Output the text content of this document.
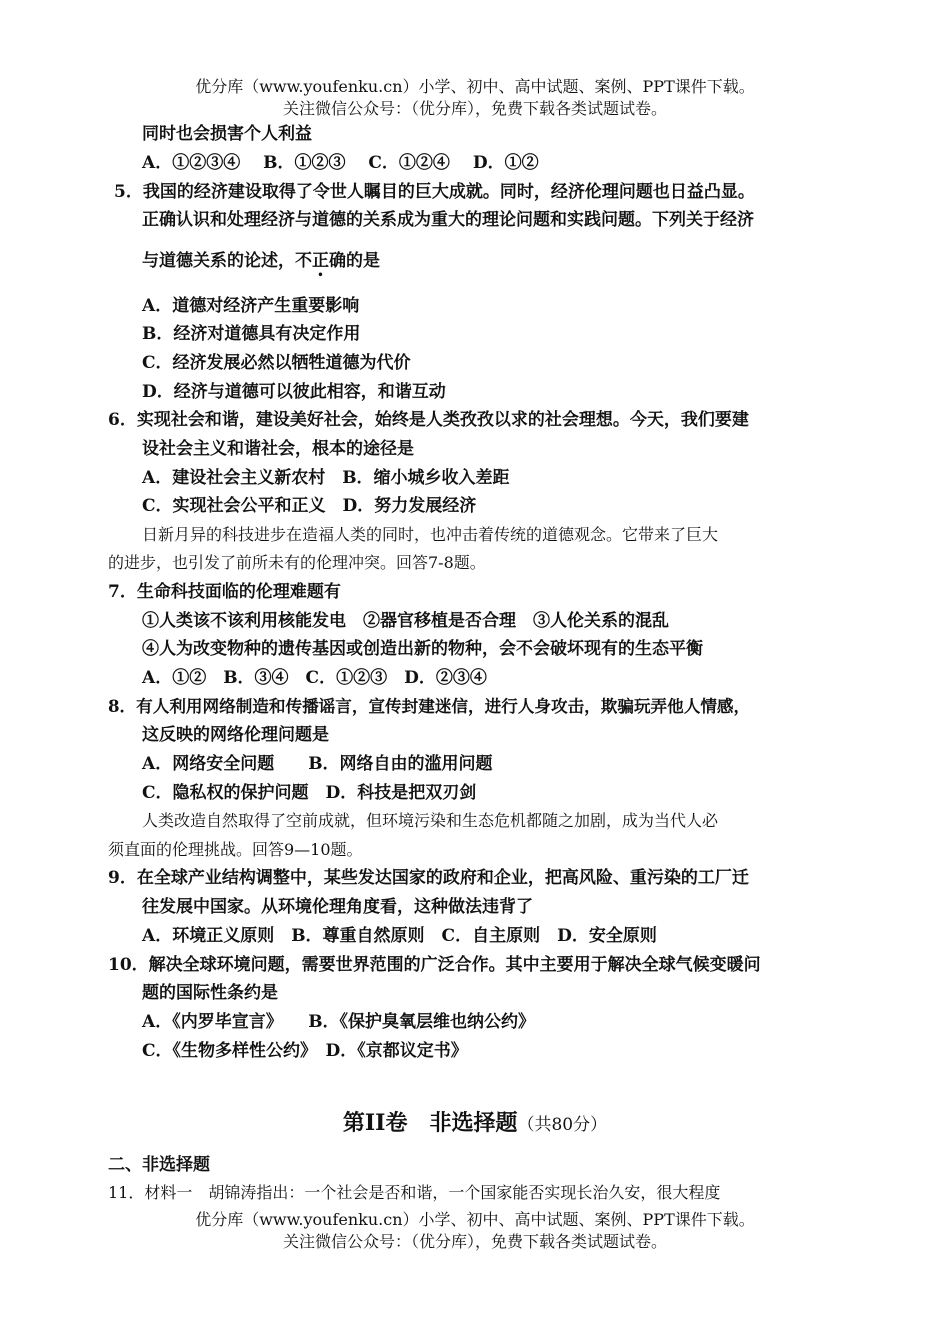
优分库（www.youfenku.cn）小学、初中、高中试题、案例、PPT课件下载。
关注微信公众号：（优分库），免费下载各类试题试卷。
同时也会损害个人利益
A．①②③④　 B．①②③　 C．①②④　 D．①②
5．我国的经济建设取得了令世人瞩目的巨大成就。同时，经济伦理问题也日益凸显。
正确认识和处理经济与道德的关系成为重大的理论问题和实践问题。下列关于经济
与道德关系的论述，不正确的是
A．道德对经济产生重要影响
B．经济对道德具有决定作用
C．经济发展必然以牺牲道德为代价
D．经济与道德可以彼此相容，和谐互动
6．实现社会和谐，建设美好社会，始终是人类孜孜以求的社会理想。今天，我们要建
设社会主义和谐社会，根本的途径是
A．建设社会主义新农村　B．缩小城乡收入差距
C．实现社会公平和正义　D．努力发展经济
日新月异的科技进步在造福人类的同时，也冲击着传统的道德观念。它带来了巨大
的进步，也引发了前所未有的伦理冲突。回答7-8题。
7．生命科技面临的伦理难题有
①人类该不该利用核能发电　②器官移植是否合理　③人伦关系的混乱
④人为改变物种的遗传基因或创造出新的物种，会不会破坏现有的生态平衡
A．①②　B．③④　C．①②③　D．②③④
8．有人利用网络制造和传播谣言，宣传封建迷信，进行人身攻击，欺骗玩弄他人情感，
这反映的网络伦理问题是
A．网络安全问题　　B．网络自由的滥用问题
C．隐私权的保护问题　D．科技是把双刃剑
人类改造自然取得了空前成就，但环境污染和生态危机都随之加剧，成为当代人必
须直面的伦理挑战。回答9—10题。
9．在全球产业结构调整中，某些发达国家的政府和企业，把高风险、重污染的工厂迁
往发展中国家。从环境伦理角度看，这种做法违背了
A．环境正义原则　B．尊重自然原则　C．自主原则　D．安全原则
10．解决全球环境问题，需要世界范围的广泛合作。其中主要用于解决全球气候变暖问
题的国际性条约是
A．《内罗毕宣言》　　B．《保护臭氧层维也纳公约》
C．《生物多样性公约》　D．《京都议定书》
第II卷　非选择题（共80分）
二、非选择题
11．材料一　胡锦涛指出：一个社会是否和谐，一个国家能否实现长治久安，很大程度
优分库（www.youfenku.cn）小学、初中、高中试题、案例、PPT课件下载。
关注微信公众号：（优分库），免费下载各类试题试卷。
